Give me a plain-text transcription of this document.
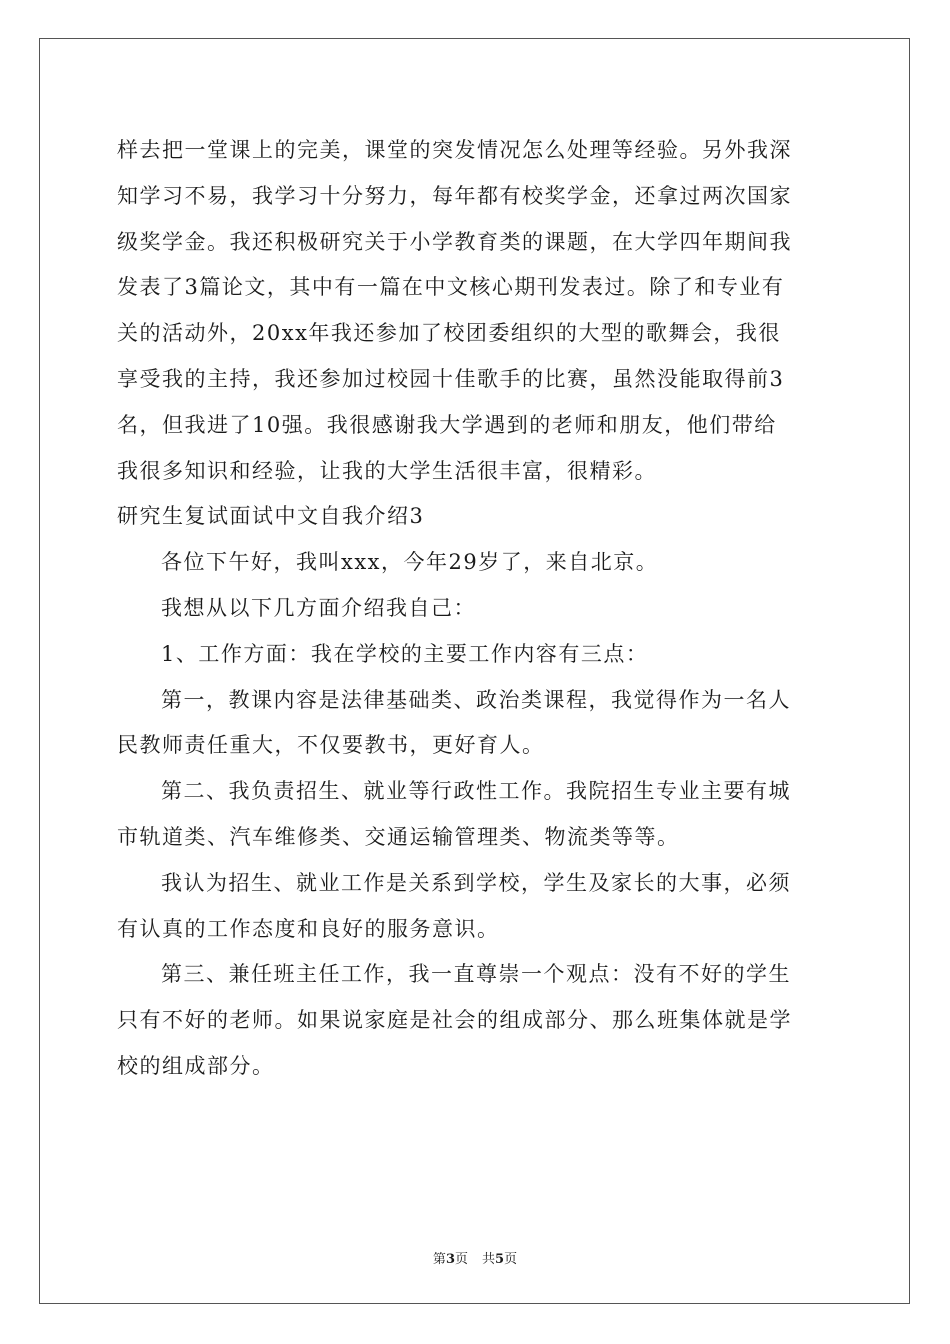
样去把一堂课上的完美，课堂的突发情况怎么处理等经验。另外我深
知学习不易，我学习十分努力，每年都有校奖学金，还拿过两次国家
级奖学金。我还积极研究关于小学教育类的课题，在大学四年期间我
发表了3篇论文，其中有一篇在中文核心期刊发表过。除了和专业有
关的活动外，20xx年我还参加了校团委组织的大型的歌舞会，我很
享受我的主持，我还参加过校园十佳歌手的比赛，虽然没能取得前3
名，但我进了10强。我很感谢我大学遇到的老师和朋友，他们带给
我很多知识和经验，让我的大学生活很丰富，很精彩。
研究生复试面试中文自我介绍3
各位下午好，我叫xxx，今年29岁了，来自北京。
我想从以下几方面介绍我自己：
1、工作方面：我在学校的主要工作内容有三点：
第一，教课内容是法律基础类、政治类课程，我觉得作为一名人
民教师责任重大，不仅要教书，更好育人。
第二、我负责招生、就业等行政性工作。我院招生专业主要有城
市轨道类、汽车维修类、交通运输管理类、物流类等等。
我认为招生、就业工作是关系到学校，学生及家长的大事，必须
有认真的工作态度和良好的服务意识。
第三、兼任班主任工作，我一直尊崇一个观点：没有不好的学生
只有不好的老师。如果说家庭是社会的组成部分、那么班集体就是学
校的组成部分。
第3页 共5页
